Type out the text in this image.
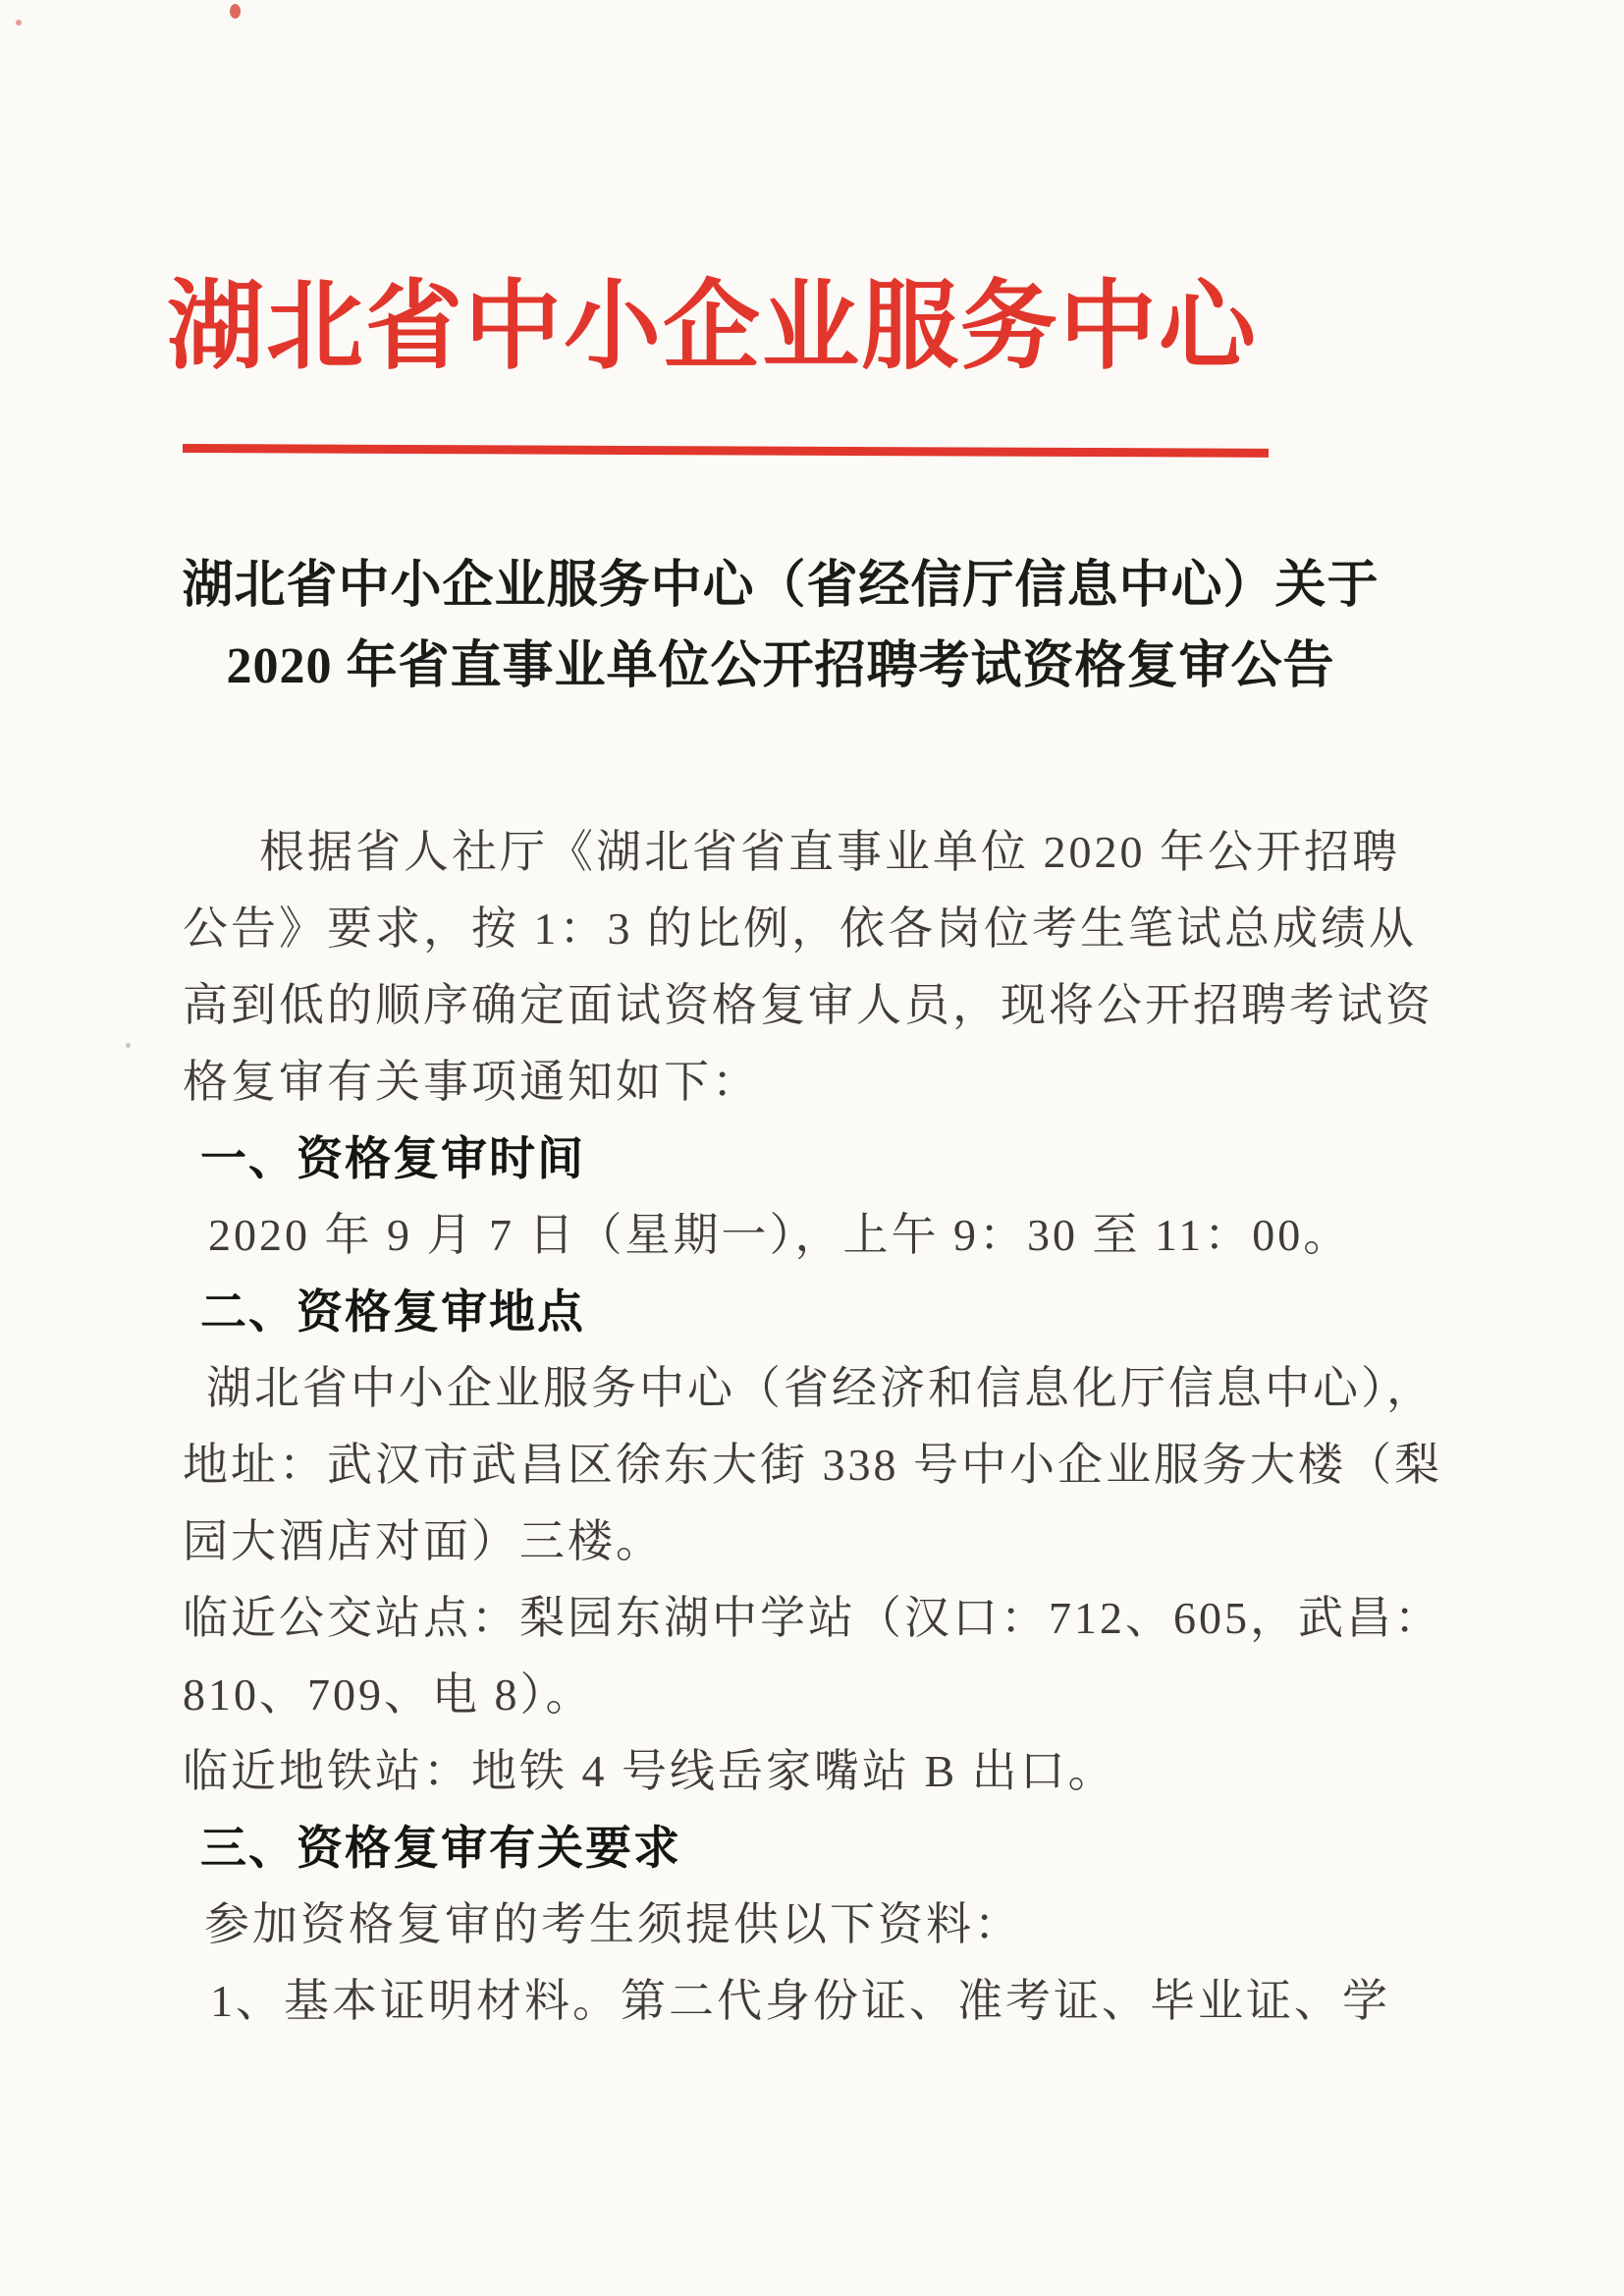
湖北省中小企业服务中心
湖北省中小企业服务中心（省经信厅信息中心）关于
2020 年省直事业单位公开招聘考试资格复审公告
根据省人社厅《湖北省省直事业单位 2020 年公开招聘
公告》要求，按 1：3 的比例，依各岗位考生笔试总成绩从
高到低的顺序确定面试资格复审人员，现将公开招聘考试资
格复审有关事项通知如下：
一、资格复审时间
2020 年 9 月 7 日（星期一），上午 9：30 至 11：00。
二、资格复审地点
湖北省中小企业服务中心（省经济和信息化厅信息中心），
地址：武汉市武昌区徐东大街 338 号中小企业服务大楼（梨
园大酒店对面）三楼。
临近公交站点：梨园东湖中学站（汉口：712、605，武昌：
810、709、电 8）。
临近地铁站：地铁 4 号线岳家嘴站 B 出口。
三、资格复审有关要求
参加资格复审的考生须提供以下资料：
1、基本证明材料。第二代身份证、准考证、毕业证、学
